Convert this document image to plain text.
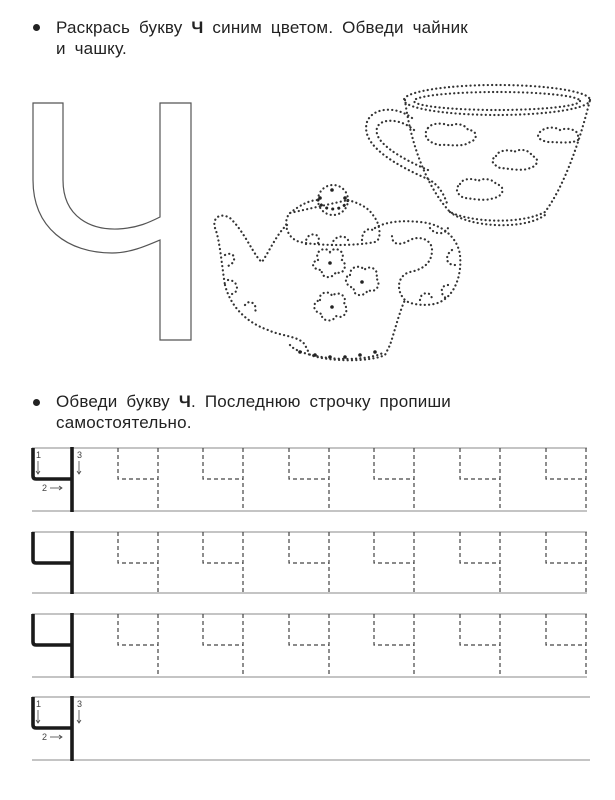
Раскрась букву Ч синим цветом. Обведи чайник
и чашку.
Обведи букву Ч. Последнюю строчку пропиши
самостоятельно.
1
2
3
1
2
3
